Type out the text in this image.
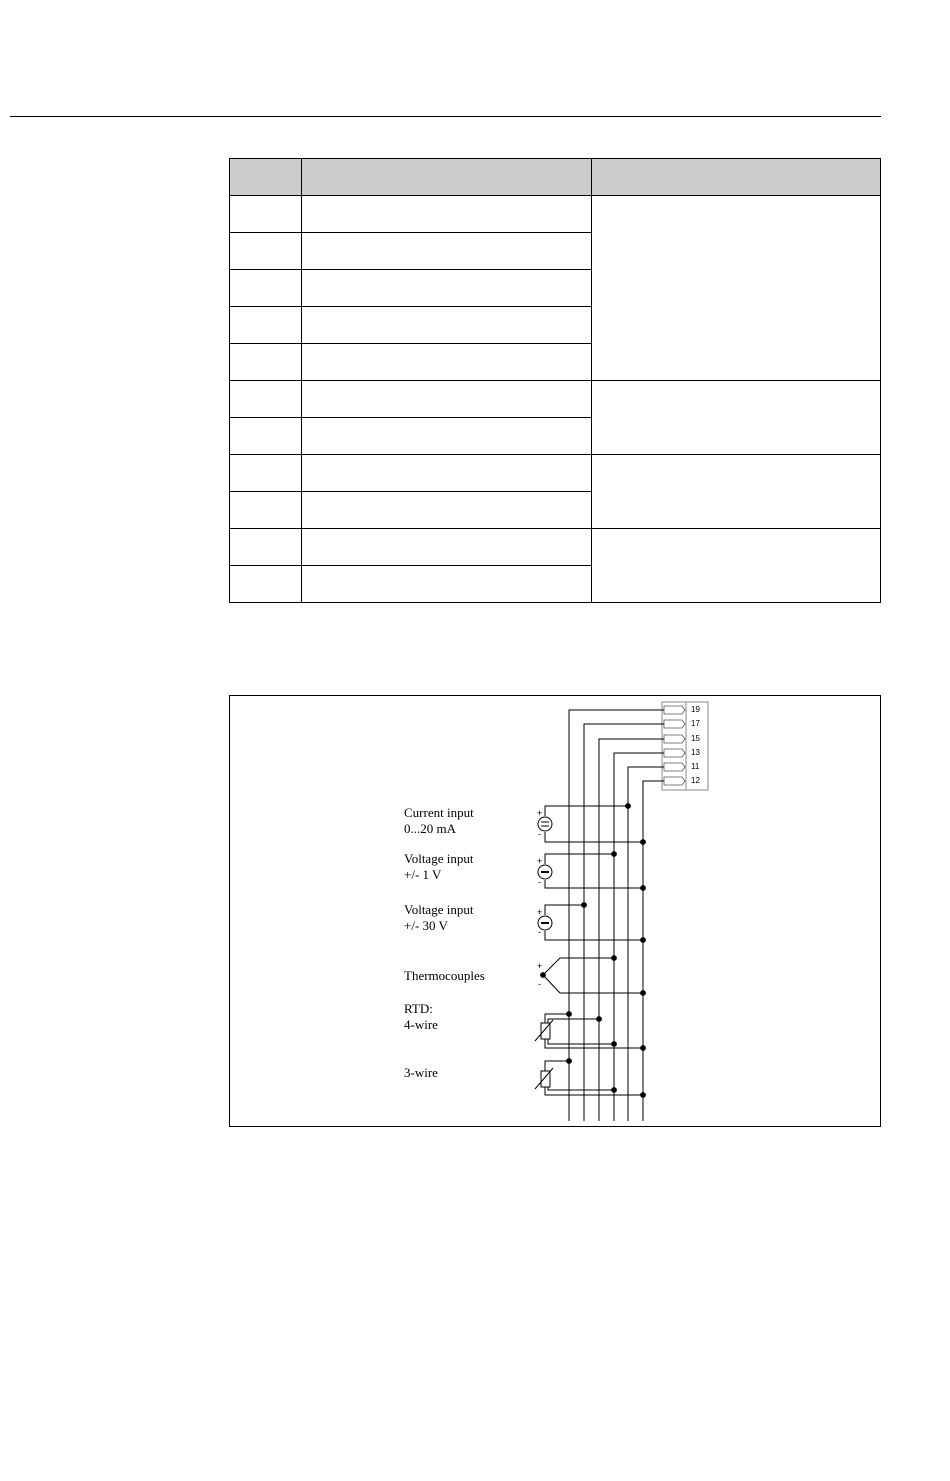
19
17
15
13
11
12
+
-
+
-
+
-
+
-
Current input
0...20 mA
Voltage input
+/- 1 V
Voltage input
+/- 30 V
Thermocouples
RTD:
4-wire
3-wire
